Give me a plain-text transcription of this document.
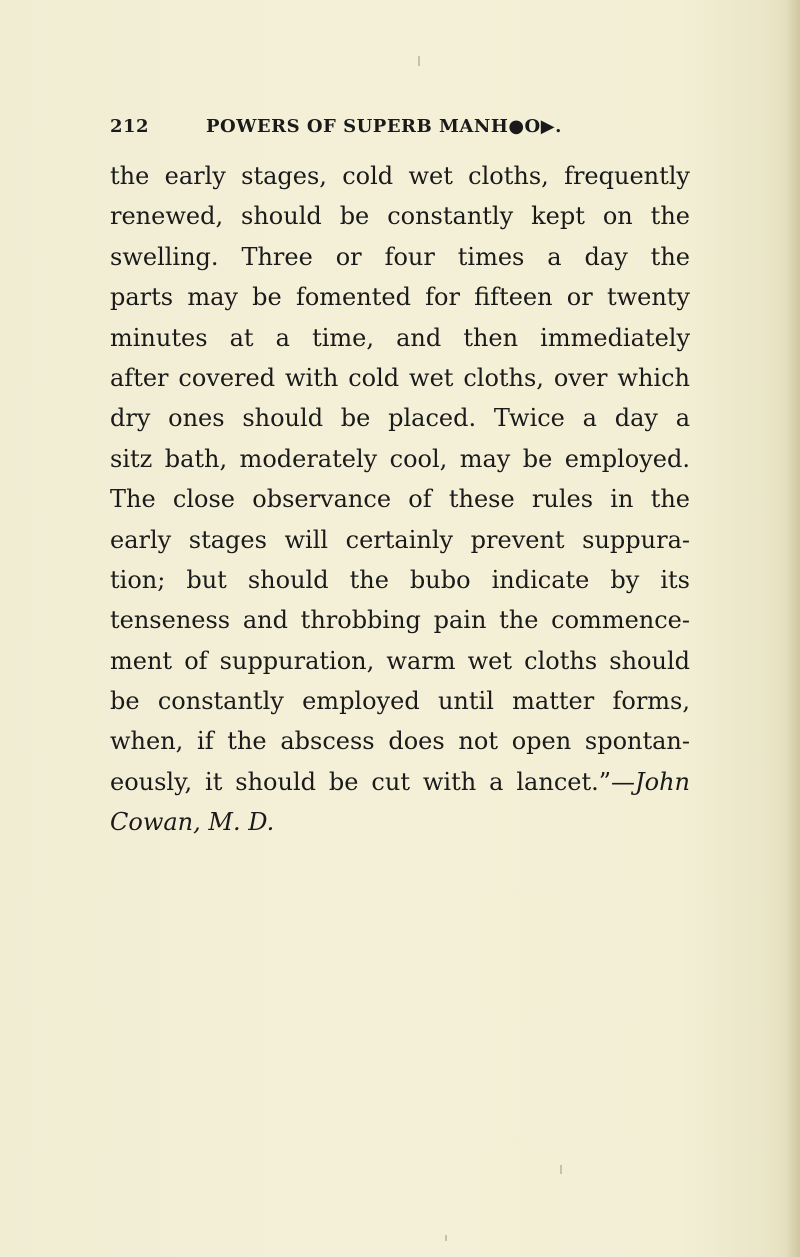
212	POWERS OF SUPERB MANH●O▶.
the early stages, cold wet cloths, frequently
renewed, should be constantly kept on the
swelling. Three or four times a day the
parts may be fomented for fifteen or twenty
minutes at a time, and then immediately
after covered with cold wet cloths, over which
dry ones should be placed. Twice a day a
sitz bath, moderately cool, may be employed.
The close observance of these rules in the
early stages will certainly prevent suppura-
tion; but should the bubo indicate by its
tenseness and throbbing pain the commence-
ment of suppuration, warm wet cloths should
be constantly employed until matter forms,
when, if the abscess does not open spontan-
eously, it should be cut with a lancet.”—John
Cowan, M. D.
